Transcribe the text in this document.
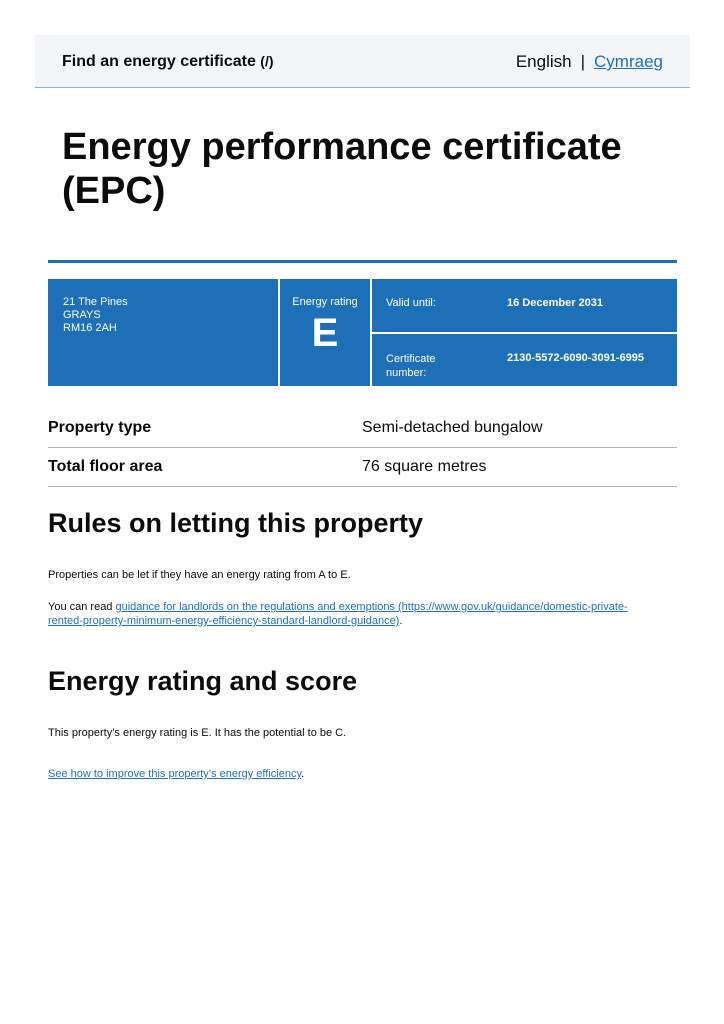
Find an energy certificate (/)	English | Cymraeg
Energy performance certificate (EPC)
21 The Pines
GRAYS
RM16 2AH
Energy rating
E
Valid until:	16 December 2031
Certificate number:
2130-5572-6090-3091-6995
Property type	Semi-detached bungalow
Total floor area	76 square metres
Rules on letting this property

Properties can be let if they have an energy rating from A to E.

You can read guidance for landlords on the regulations and exemptions (https://www.gov.uk/guidance/domestic-private-rented-property-minimum-energy-efficiency-standard-landlord-guidance).

Energy rating and score

This property’s energy rating is E. It has the potential to be C.

See how to improve this property’s energy efficiency.
